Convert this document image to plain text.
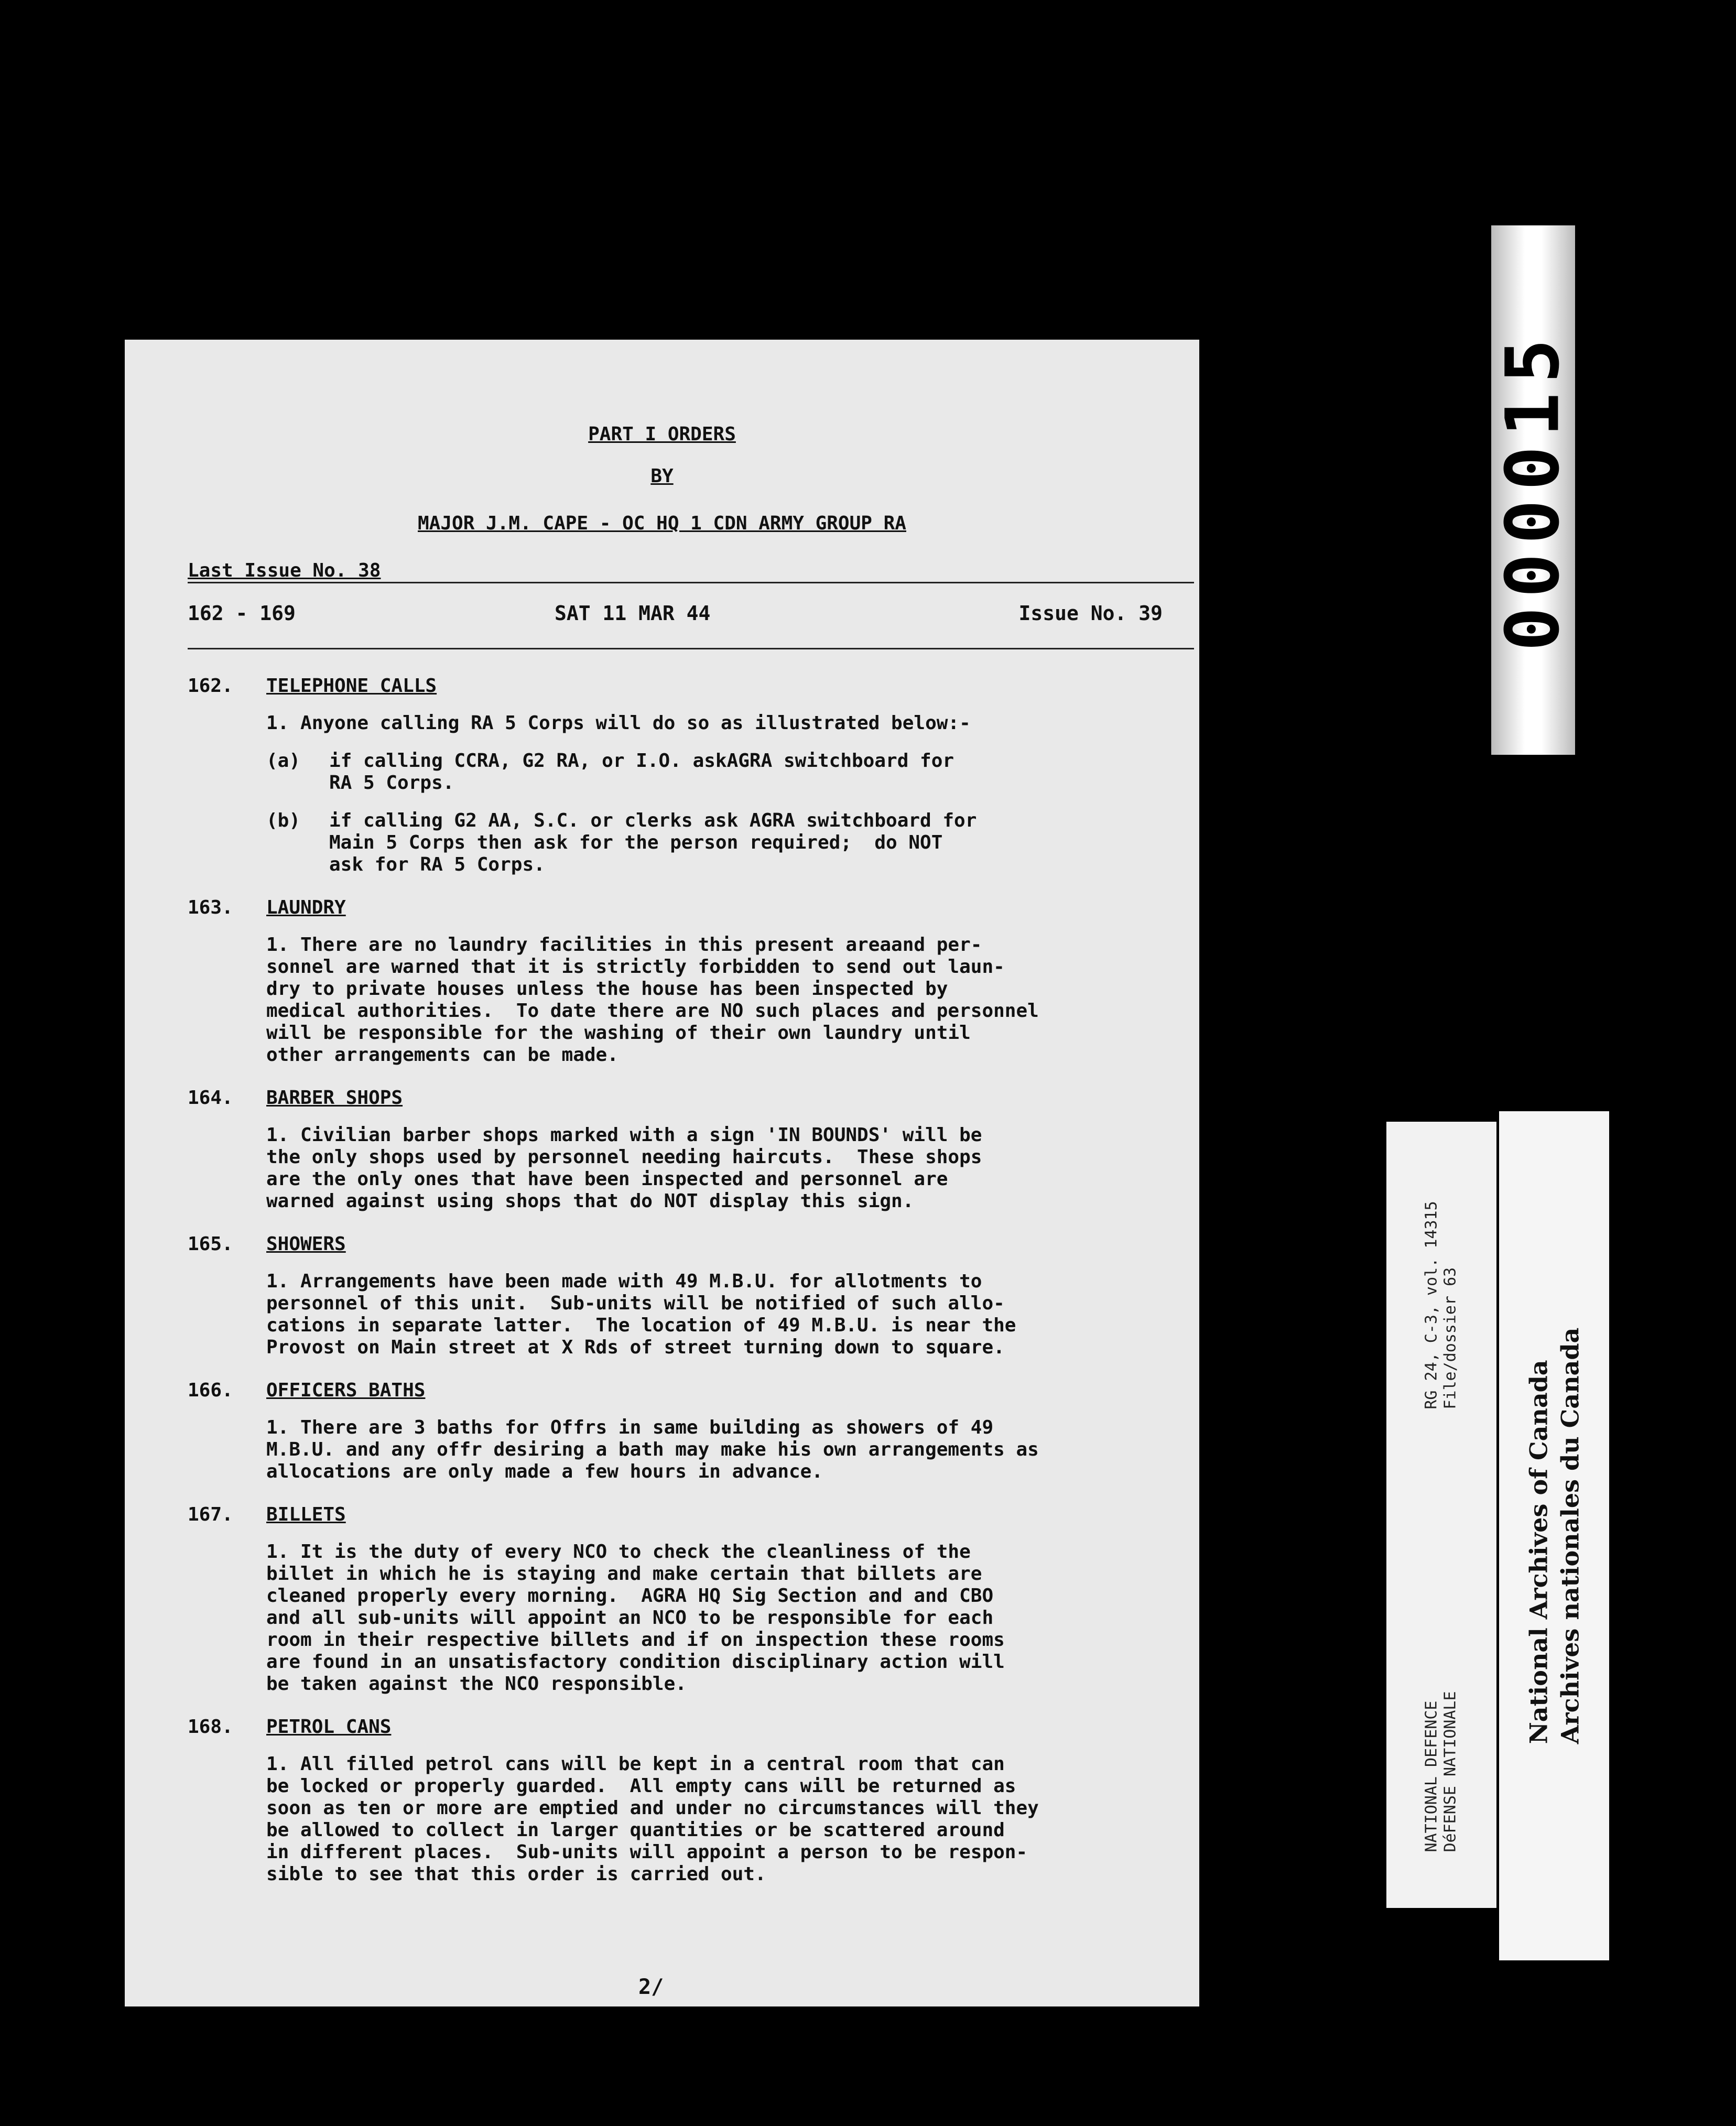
PART I ORDERS
BY
MAJOR J.M. CAPE - OC HQ 1 CDN ARMY GROUP RA
Last Issue No. 38
162 - 169	SAT 11 MAR 44	Issue No. 39
162.	TELEPHONE CALLS
1. Anyone calling RA 5 Corps will do so as illustrated below:-
(a)	if calling CCRA, G2 RA, or I.O. askAGRA switchboard for
RA 5 Corps.
(b)	if calling G2 AA, S.C. or clerks ask AGRA switchboard for
Main 5 Corps then ask for the person required;  do NOT
ask for RA 5 Corps.
163.	LAUNDRY
1. There are no laundry facilities in this present areaand per-
sonnel are warned that it is strictly forbidden to send out laun-
dry to private houses unless the house has been inspected by
medical authorities.  To date there are NO such places and personnel
will be responsible for the washing of their own laundry until
other arrangements can be made.
164.	BARBER SHOPS
1. Civilian barber shops marked with a sign 'IN BOUNDS' will be
the only shops used by personnel needing haircuts.  These shops
are the only ones that have been inspected and personnel are
warned against using shops that do NOT display this sign.
165.	SHOWERS
1. Arrangements have been made with 49 M.B.U. for allotments to
personnel of this unit.  Sub-units will be notified of such allo-
cations in separate latter.  The location of 49 M.B.U. is near the
Provost on Main street at X Rds of street turning down to square.
166.	OFFICERS BATHS
1. There are 3 baths for Offrs in same building as showers of 49
M.B.U. and any offr desiring a bath may make his own arrangements as
allocations are only made a few hours in advance.
167.	BILLETS
1. It is the duty of every NCO to check the cleanliness of the
billet in which he is staying and make certain that billets are
cleaned properly every morning.  AGRA HQ Sig Section and and CBO
and all sub-units will appoint an NCO to be responsible for each
room in their respective billets and if on inspection these rooms
are found in an unsatisfactory condition disciplinary action will
be taken against the NCO responsible.
168.	PETROL CANS
1. All filled petrol cans will be kept in a central room that can
be locked or properly guarded.  All empty cans will be returned as
soon as ten or more are emptied and under no circumstances will they
be allowed to collect in larger quantities or be scattered around
in different places.  Sub-units will appoint a person to be respon-
sible to see that this order is carried out.
2/
000015
RG 24, C-3, vol. 14315
File/dossier 63
NATIONAL DEFENCE
DéFENSE NATIONALE	National Archives of Canada
Archives nationales du Canada
